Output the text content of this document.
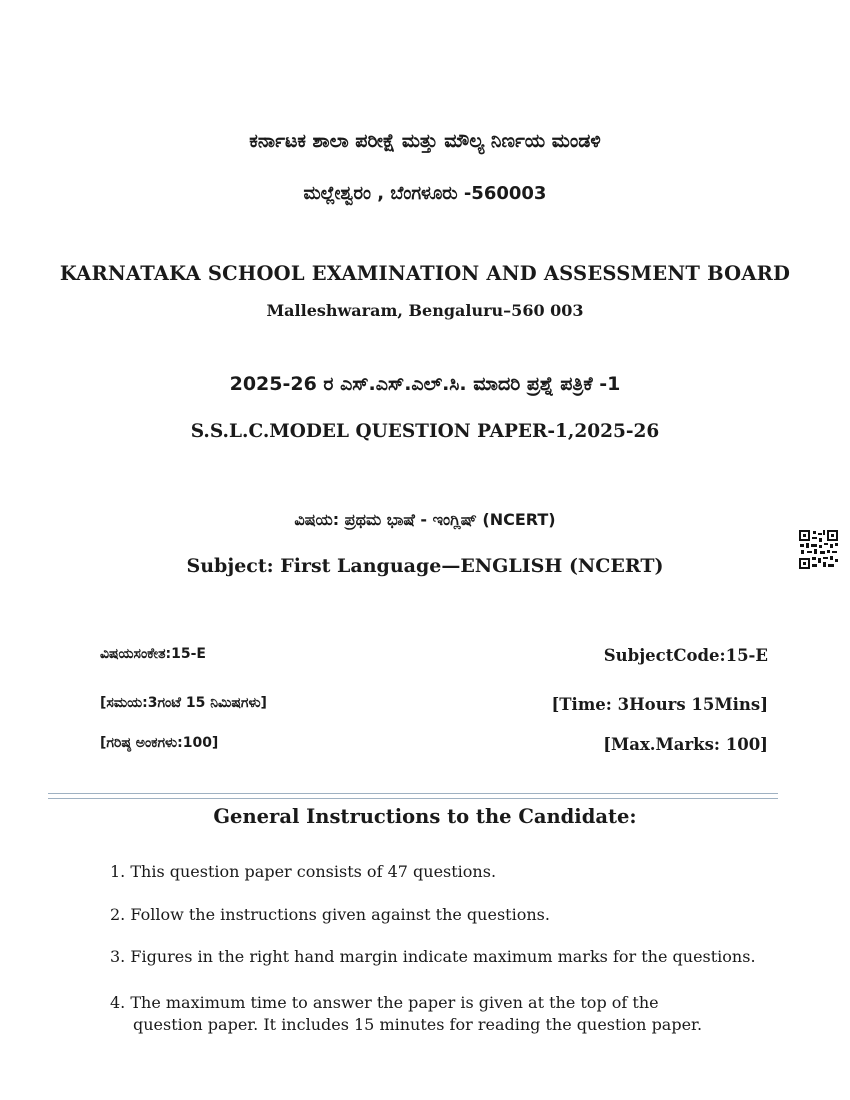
ಕರ್ನಾಟಕ ಶಾಲಾ ಪರೀಕ್ಷೆ ಮತ್ತು ಮೌಲ್ಯ ನಿರ್ಣಯ ಮಂಡಳಿ
ಮಲ್ಲೇಶ್ವರಂ , ಬೆಂಗಳೂರು -560003
KARNATAKA SCHOOL EXAMINATION AND ASSESSMENT BOARD
Malleshwaram, Bengaluru–560 003
2025-26 ರ ಎಸ್.ಎಸ್.ಎಲ್.ಸಿ. ಮಾದರಿ ಪ್ರಶ್ನೆ ಪತ್ರಿಕೆ -1
S.S.L.C.MODEL QUESTION PAPER-1,2025-26
ವಿಷಯ: ಪ್ರಥಮ ಭಾಷೆ - ಇಂಗ್ಲಿಷ್ (NCERT)
Subject: First Language—ENGLISH (NCERT)
ವಿಷಯಸಂಕೇತ:15-E	SubjectCode:15-E
[ಸಮಯ:3ಗಂಟೆ 15 ನಿಮಿಷಗಳು]	[Time: 3Hours 15Mins]
[ಗರಿಷ್ಠ ಅಂಕಗಳು:100]	[Max.Marks: 100]
General Instructions to the Candidate:
1. This question paper consists of 47 questions.
2. Follow the instructions given against the questions.
3. Figures in the right hand margin indicate maximum marks for the questions.
4. The maximum time to answer the paper is given at the top of the
question paper. It includes 15 minutes for reading the question paper.
